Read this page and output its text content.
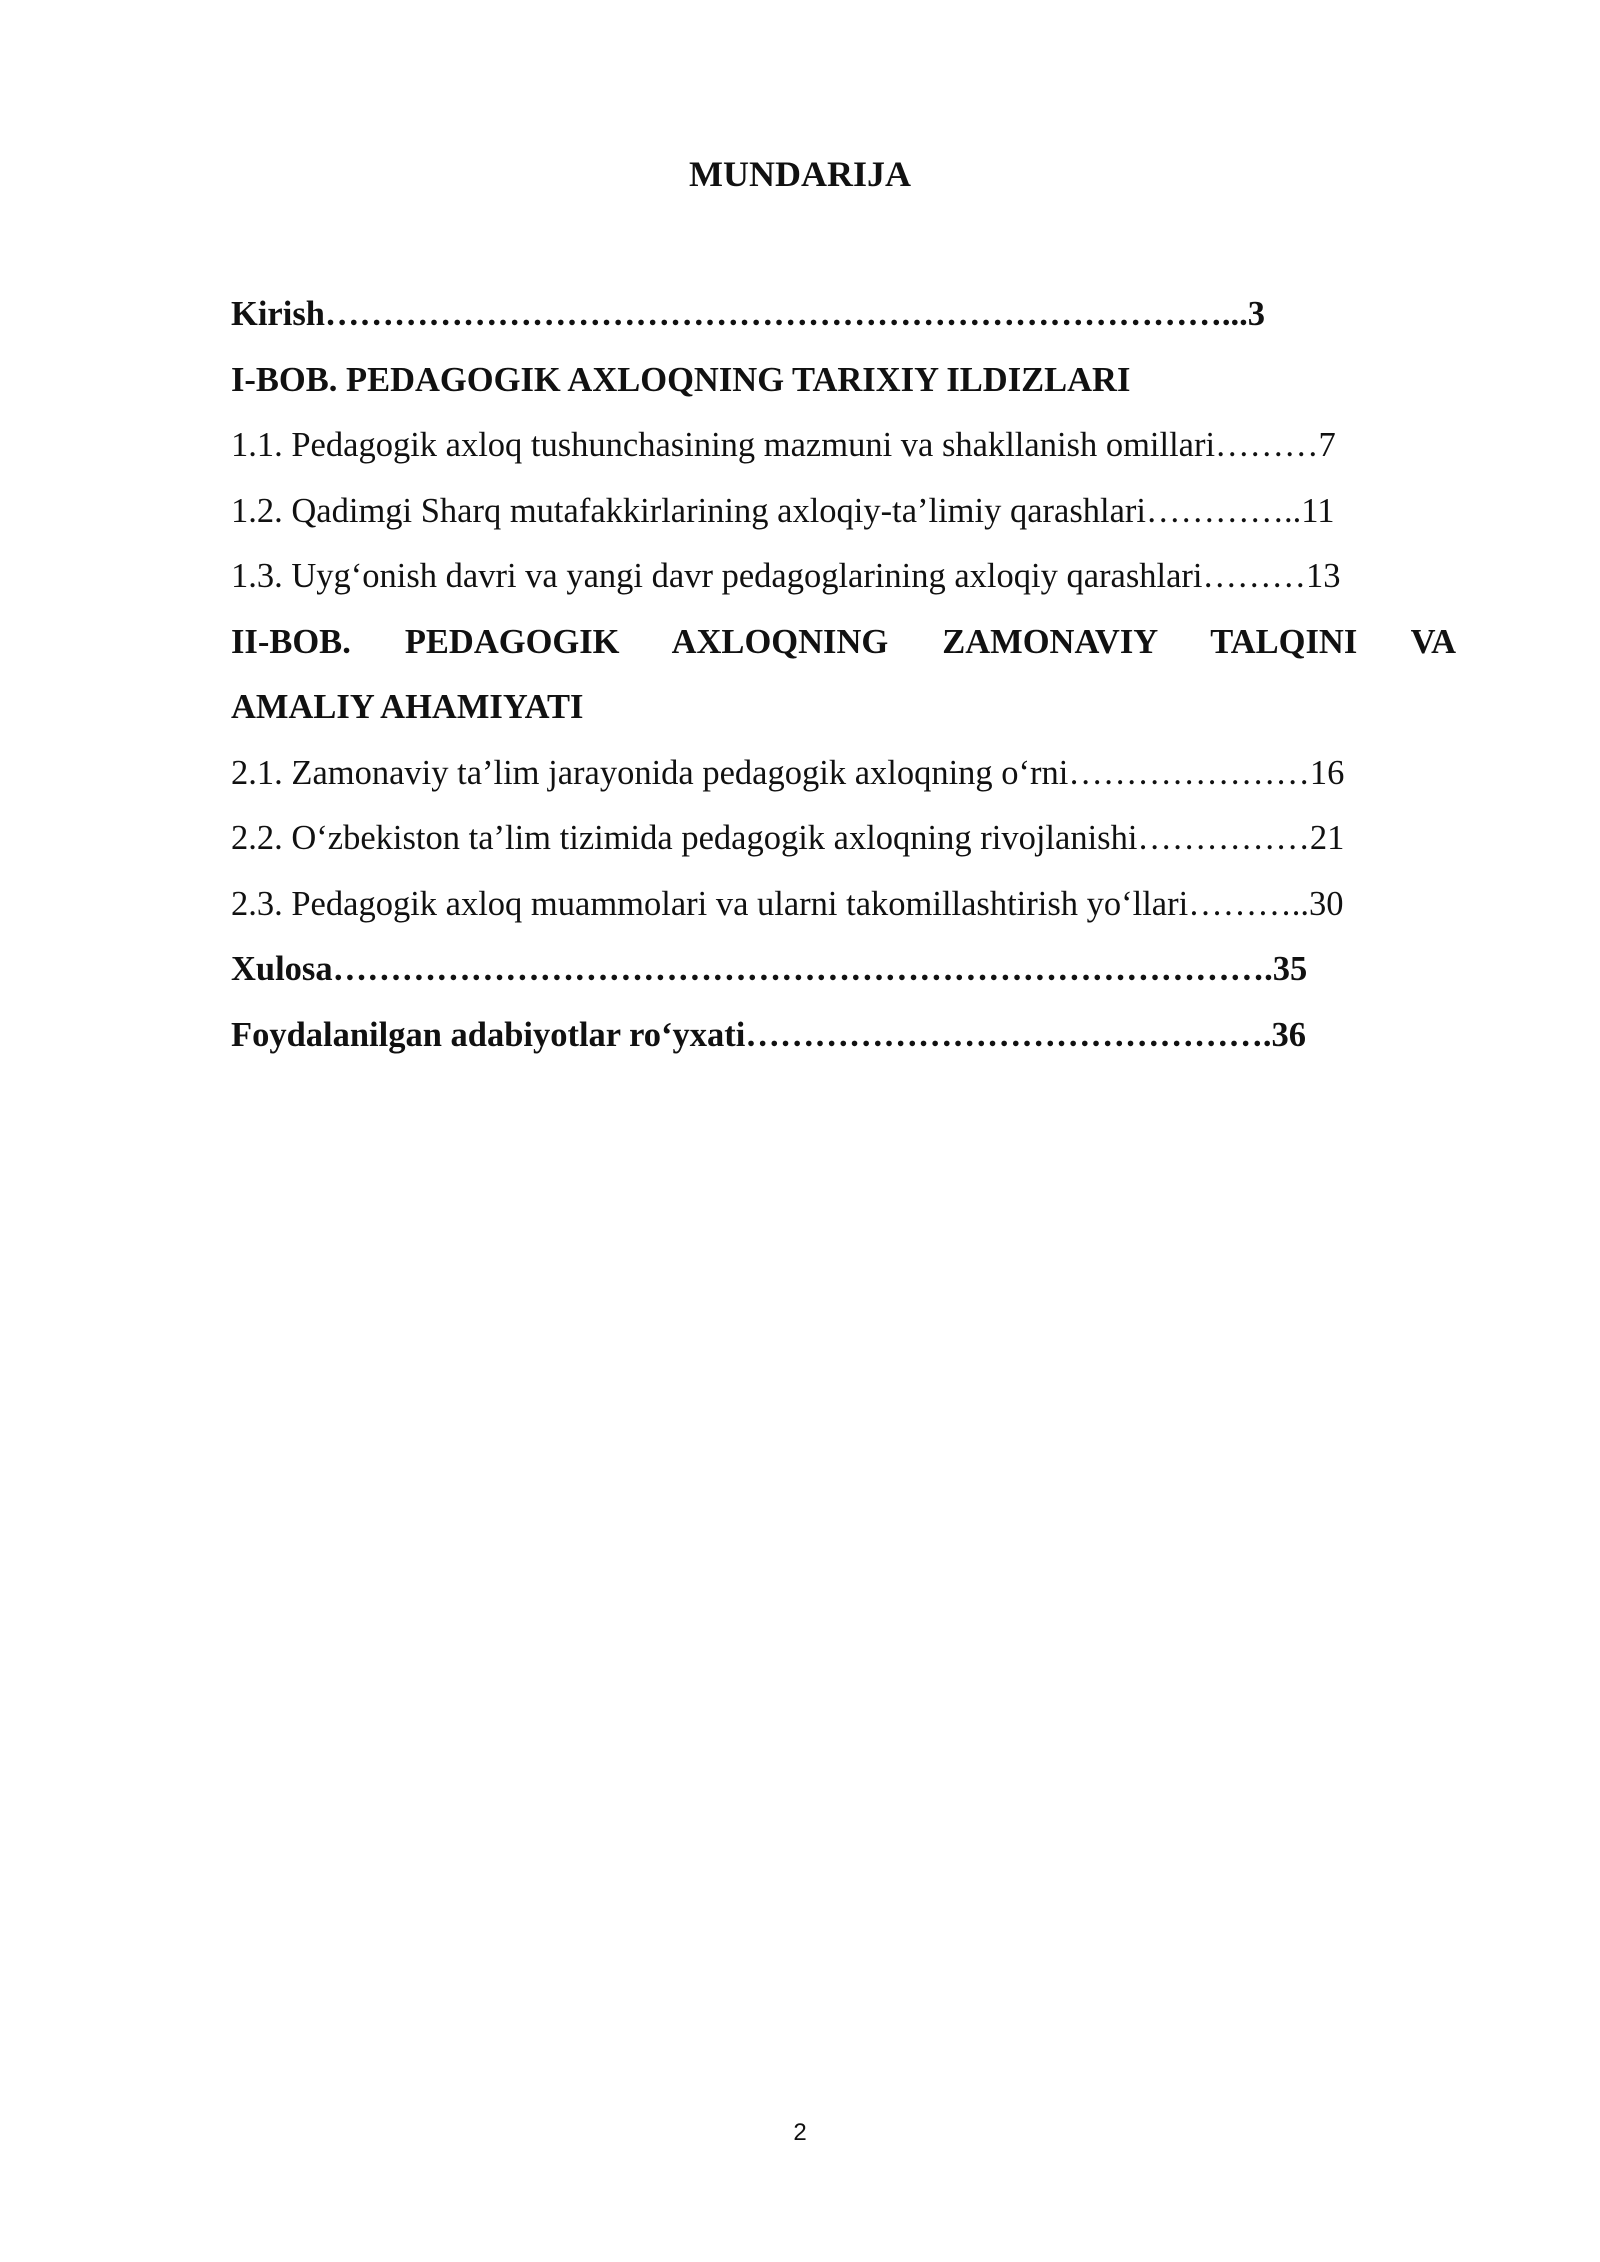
MUNDARIJA
Kirish……………………………………………………………………...3
I-BOB. PEDAGOGIK AXLOQNING TARIXIY ILDIZLARI
1.1. Pedagogik axloq tushunchasining mazmuni va shakllanish omillari………7
1.2. Qadimgi Sharq mutafakkirlarining axloqiy-ta’limiy qarashlari…………..11
1.3. Uyg‘onish davri va yangi davr pedagoglarining axloqiy qarashlari………13
II-BOB. PEDAGOGIK AXLOQNING ZAMONAVIY TALQINI VA
AMALIY AHAMIYATI
2.1. Zamonaviy ta’lim jarayonida pedagogik axloqning o‘rni…………………16
2.2. O‘zbekiston ta’lim tizimida pedagogik axloqning rivojlanishi……………21
2.3. Pedagogik axloq muammolari va ularni takomillashtirish yo‘llari………..30
Xulosa……………………………………………………………………….35
Foydalanilgan adabiyotlar ro‘yxati……………………………………….36
2
